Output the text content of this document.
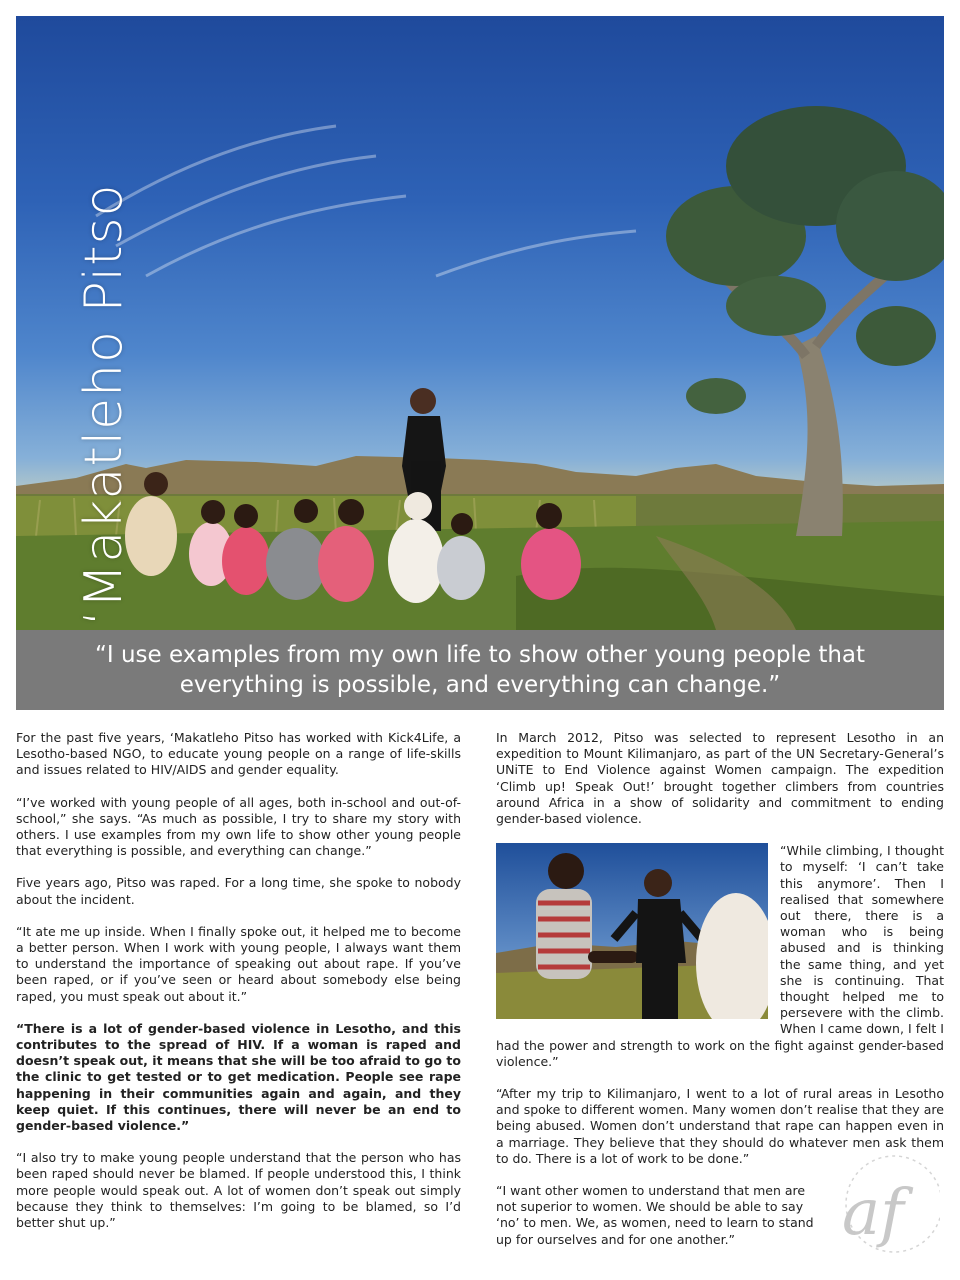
‘Makatleho Pitso
“I use examples from my own life to show other young people that everything is possible, and everything can change.”

For the past five years, ‘Makatleho Pitso has worked with Kick4Life, a Lesotho-based NGO, to educate young people on a range of life-skills and issues related to HIV/AIDS and gender equality.

“I’ve worked with young people of all ages, both in-school and out-of-school,” she says. “As much as possible, I try to share my story with others. I use examples from my own life to show other young people that everything is possible, and everything can change.”

Five years ago, Pitso was raped. For a long time, she spoke to nobody about the incident.

“It ate me up inside. When I finally spoke out, it helped me to become a better person. When I work with young people, I always want them to understand the importance of speaking out about rape. If you’ve been raped, or if you’ve seen or heard about somebody else being raped, you must speak out about it.”

“There is a lot of gender-based violence in Lesotho, and this contributes to the spread of HIV. If a woman is raped and doesn’t speak out, it means that she will be too afraid to go to the clinic to get tested or to get medication. People see rape happening in their communities again and again, and they keep quiet. If this continues, there will never be an end to gender-based violence.”

“I also try to make young people understand that the person who has been raped should never be blamed. If people understood this, I think more people would speak out. A lot of women don’t speak out simply because they think to themselves: I’m going to be blamed, so I’d better shut up.”

In March 2012, Pitso was selected to represent Lesotho in an expedition to Mount Kilimanjaro, as part of the UN Secretary-General’s UNiTE to End Violence against Women campaign. The expedition ‘Climb up! Speak Out!’ brought together climbers from countries around Africa in a show of solidarity and commitment to ending gender-based violence.

“While climbing, I thought to myself: ‘I can’t take this anymore’. Then I realised that somewhere out there, there is a woman who is being abused and is thinking the same thing, and yet she is continuing. That thought helped me to persevere with the climb. When I came down, I felt I had the power and strength to work on the fight against gender-based violence.”

“After my trip to Kilimanjaro, I went to a lot of rural areas in Lesotho and spoke to different women. Many women don’t realise that they are being abused. Women don’t understand that rape can happen even in a marriage. They believe that they should do whatever men ask them to do. There is a lot of work to be done.”

“I want other women to understand that men are not superior to women. We should be able to say ‘no’ to men. We, as women, need to learn to stand up for ourselves and for one another.”	af
